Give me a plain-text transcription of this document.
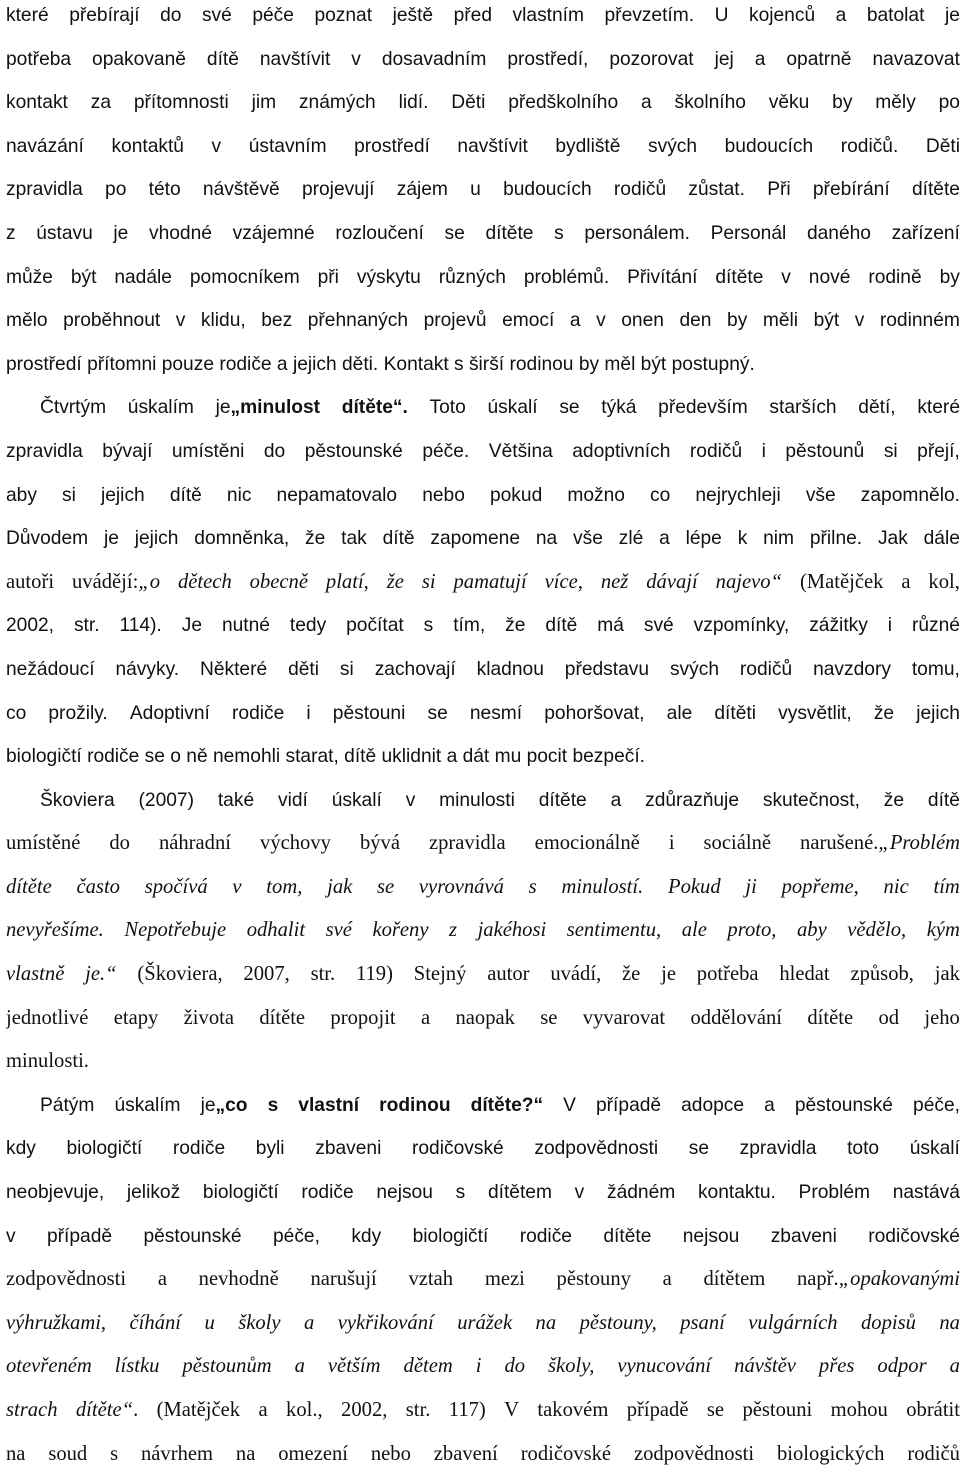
které přebírají do své péče poznat ještě před vlastním převzetím. U kojenců a batolat je
potřeba opakovaně dítě navštívit v dosavadním prostředí, pozorovat jej a opatrně navazovat
kontakt za přítomnosti jim známých lidí. Děti předškolního a školního věku by měly po
navázání kontaktů v ústavním prostředí navštívit bydliště svých budoucích rodičů. Děti
zpravidla po této návštěvě projevují zájem u budoucích rodičů zůstat. Při přebírání dítěte
z ústavu je vhodné vzájemné rozloučení se dítěte s personálem. Personál daného zařízení
může být nadále pomocníkem při výskytu různých problémů. Přivítání dítěte v nové rodině by
mělo proběhnout v klidu, bez přehnaných projevů emocí a v onen den by měli být v rodinném
prostředí přítomni pouze rodiče a jejich děti. Kontakt s širší rodinou by měl být postupný.
Čtvrtým úskalím je„minulost dítěte“. Toto úskalí se týká především starších dětí, které
zpravidla bývají umístěni do pěstounské péče. Většina adoptivních rodičů i pěstounů si přejí,
aby si jejich dítě nic nepamatovalo nebo pokud možno co nejrychleji vše zapomnělo.
Důvodem je jejich domněnka, že tak dítě zapomene na vše zlé a lépe k nim přilne. Jak dále
autoři uvádějí:„o dětech obecně platí, že si pamatují více, než dávají najevo“ (Matějček a kol,
2002, str. 114). Je nutné tedy počítat s tím, že dítě má své vzpomínky, zážitky i různé
nežádoucí návyky. Některé děti si zachovají kladnou představu svých rodičů navzdory tomu,
co prožily. Adoptivní rodiče i pěstouni se nesmí pohoršovat, ale dítěti vysvětlit, že jejich
biologičtí rodiče se o ně nemohli starat, dítě uklidnit a dát mu pocit bezpečí.
Škoviera (2007) také vidí úskalí v minulosti dítěte a zdůrazňuje skutečnost, že dítě
umístěné do náhradní výchovy bývá zpravidla emocionálně i sociálně narušené.„Problém
dítěte často spočívá v tom, jak se vyrovnává s minulostí. Pokud ji popřeme, nic tím
nevyřešíme. Nepotřebuje odhalit své kořeny z jakéhosi sentimentu, ale proto, aby vědělo, kým
vlastně je.“ (Škoviera, 2007, str. 119) Stejný autor uvádí, že je potřeba hledat způsob, jak
jednotlivé etapy života dítěte propojit a naopak se vyvarovat oddělování dítěte od jeho
minulosti.
Pátým úskalím je„co s vlastní rodinou dítěte?“ V případě adopce a pěstounské péče,
kdy biologičtí rodiče byli zbaveni rodičovské zodpovědnosti se zpravidla toto úskalí
neobjevuje, jelikož biologičtí rodiče nejsou s dítětem v žádném kontaktu. Problém nastává
v případě pěstounské péče, kdy biologičtí rodiče dítěte nejsou zbaveni rodičovské
zodpovědnosti a nevhodně narušují vztah mezi pěstouny a dítětem např.„opakovanými
výhružkami, číhání u školy a vykřikování urážek na pěstouny, psaní vulgárních dopisů na
otevřeném lístku pěstounům a větším dětem i do školy, vynucování návštěv přes odpor a
strach dítěte“. (Matějček a kol., 2002, str. 117) V takovém případě se pěstouni mohou obrátit
na soud s návrhem na omezení nebo zbavení rodičovské zodpovědnosti biologických rodičů
